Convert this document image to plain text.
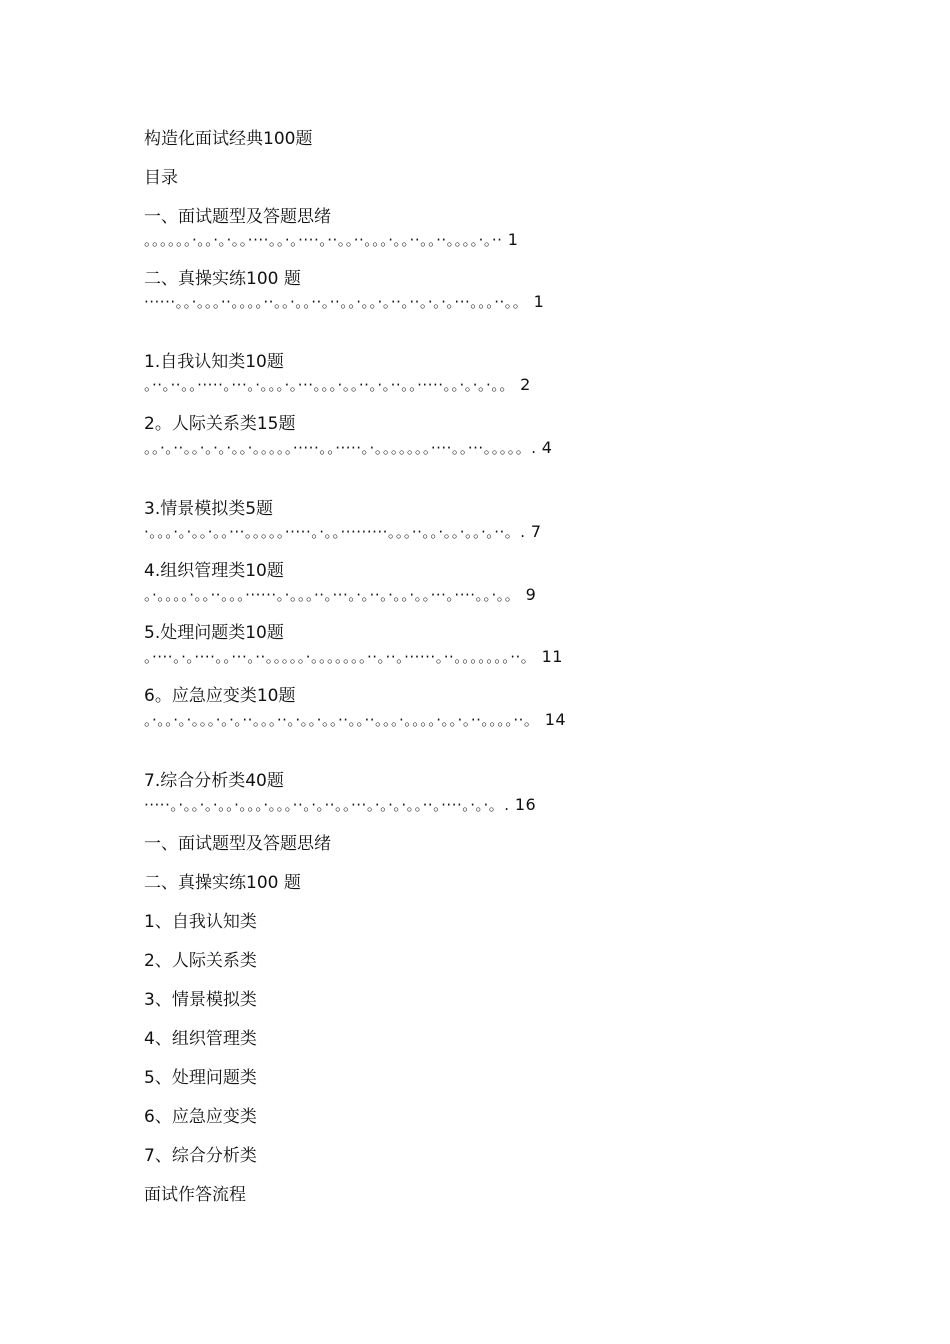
构造化面试经典100题
目录
一、面试题型及答题思绪
。。。。。。·。。·。·。。····。。·。····。··。。··。。。·。。··。。··。。。。·。·· 1
二、真操实练100 题
······。。·。。。··。。。。··。。·。。··。··。。·。。·。··。··。·。·。···。。。··。。 1
1.自我认知类10题
。··。··。。·····。···。·。。。·。···。。。·。。··。·。··。。·····。。·。·。·。。 2
2。人际关系类15题
。。·。··。。·。·。·。。·。。。。。·····。。·····。·。。。。。。。····。。···。。。。。. 4
3.情景模拟类5题
·。。。·。·。。·。。···。。。。。·····。·。。·········。。。··。。·。。·。。·。··。. 7
4.组织管理类10题
。·。。。。·。。··。。。······。·。。。··。···。·。··。·。。·。。···。····。。·。。 9
5.处理问题类10题
。····。·。····。。···。··。。。。。·。。。。。。。··。··。······。··。。。。。。。··。 11
6。应急应变类10题
。·。。·。·。。。·。·。··。。。··。·。。·。。··。。··。。。·。。。。·。。·。··。。。。··。 14
7.综合分析类40题
·····。·。。·。·。。·。。。·。。。··。·。··。。···。·。·。·。。··。····。·。·。. 16
一、面试题型及答题思绪
二、真操实练100 题
1、自我认知类
2、人际关系类
3、情景模拟类
4、组织管理类
5、处理问题类
6、应急应变类
7、综合分析类
面试作答流程
